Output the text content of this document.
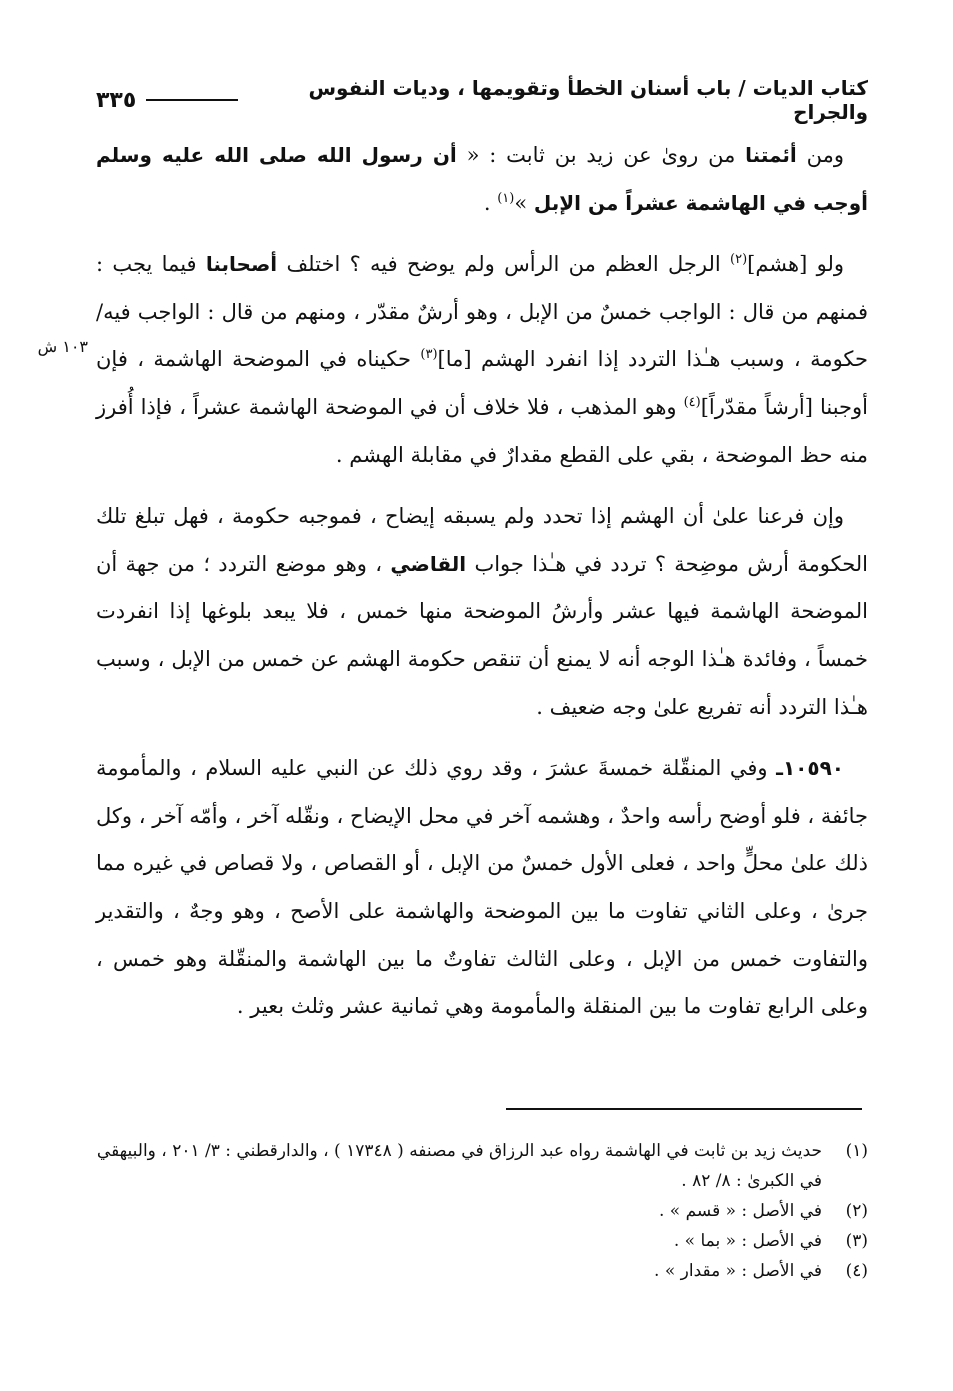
كتاب الديات / باب أسنان الخطأ وتقويمها ، وديات النفوس والجراح
٣٣٥
١٠٣ ش

ومن أئمتنا من روىٰ عن زيد بن ثابت : « أن رسول الله صلى الله عليه وسلم أوجب في الهاشمة عشراً من الإبل »$^{(١)}$ .

ولو [هشم]$^{(٢)}$ الرجل العظم من الرأس ولم يوضح فيه ؟ اختلف أصحابنا فيما يجب : فمنهم من قال : الواجب خمسٌ من الإبل ، وهو أرشٌ مقدّر ، ومنهم من قال : الواجب فيه/ حكومة ، وسبب هـٰذا التردد إذا انفرد الهشم [ما]$^{(٣)}$ حكيناه في الموضحة الهاشمة ، فإن أوجبنا [أرشاً مقدّراً]$^{(٤)}$ وهو المذهب ، فلا خلاف أن في الموضحة الهاشمة عشراً ، فإذا أُفرز منه حظ الموضحة ، بقي على القطع مقدارٌ في مقابلة الهشم .

وإن فرعنا علىٰ أن الهشم إذا تحدد ولم يسبقه إيضاح ، فموجبه حكومة ، فهل تبلغ تلك الحكومة أرش موضِحة ؟ تردد في هـٰذا جواب القاضي ، وهو موضع التردد ؛ من جهة أن الموضحة الهاشمة فيها عشر وأرشُ الموضحة منها خمس ، فلا يبعد بلوغها إذا انفردت خمساً ، وفائدة هـٰذا الوجه أنه لا يمنع أن تنقص حكومة الهشم عن خمس من الإبل ، وسبب هـٰذا التردد أنه تفريع علىٰ وجه ضعيف .

١٠٥٩٠ـ وفي المنقّلة خمسةَ عشرَ ، وقد روي ذلك عن النبي عليه السلام ، والمأمومة جائفة ، فلو أوضح رأسه واحدٌ ، وهشمه آخر في محل الإيضاح ، ونقّله آخر ، وأمّه آخر ، وكل ذلك علىٰ محلٍّ واحد ، فعلى الأول خمسٌ من الإبل ، أو القصاص ، ولا قصاص في غيره مما جرىٰ ، وعلى الثاني تفاوت ما بين الموضحة والهاشمة على الأصح ، وهو وجهٌ ، والتقدير والتفاوت خمس من الإبل ، وعلى الثالث تفاوتٌ ما بين الهاشمة والمنقّلة وهو خمس ، وعلى الرابع تفاوت ما بين المنقلة والمأمومة وهي ثمانية عشر وثلث بعير .

(١)
حديث زيد بن ثابت في الهاشمة رواه عبد الرزاق في مصنفه ( ١٧٣٤٨ ) ، والدارقطني : ٣/ ٢٠١ ، والبيهقي في الكبرىٰ : ٨/ ٨٢ .
(٢)
في الأصل : « قسم » .
(٣)
في الأصل : « بما » .
(٤)
في الأصل : « مقدار » .
